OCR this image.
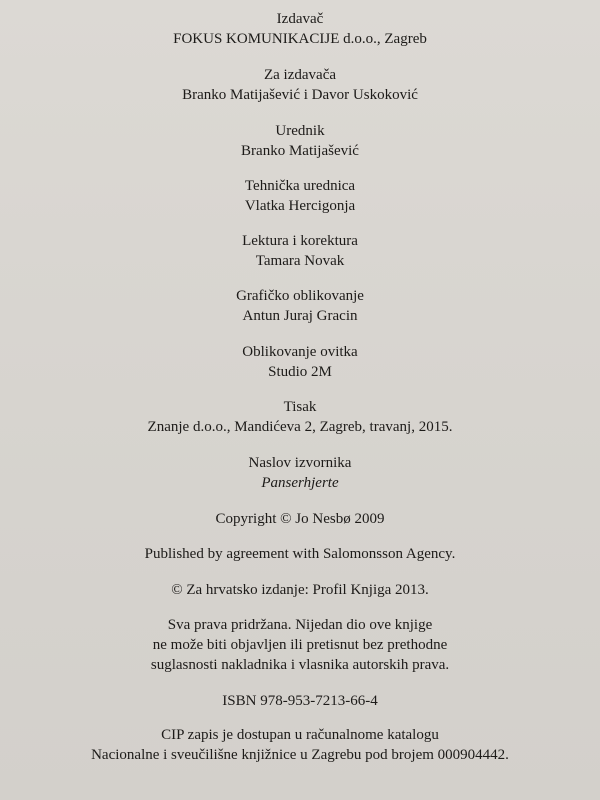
Izdavač
FOKUS KOMUNIKACIJE d.o.o., Zagreb
Za izdavača
Branko Matijašević i Davor Uskoković
Urednik
Branko Matijašević
Tehnička urednica
Vlatka Hercigonja
Lektura i korektura
Tamara Novak
Grafičko oblikovanje
Antun Juraj Gracin
Oblikovanje ovitka
Studio 2M
Tisak
Znanje d.o.o., Mandićeva 2, Zagreb, travanj, 2015.
Naslov izvornika
Panserhjerte
Copyright © Jo Nesbø 2009
Published by agreement with Salomonsson Agency.
© Za hrvatsko izdanje: Profil Knjiga 2013.
Sva prava pridržana. Nijedan dio ove knjige
ne može biti objavljen ili pretisnut bez prethodne
suglasnosti nakladnika i vlasnika autorskih prava.
ISBN 978-953-7213-66-4
CIP zapis je dostupan u računalnome katalogu
Nacionalne i sveučilišne knjižnice u Zagrebu pod brojem 000904442.
